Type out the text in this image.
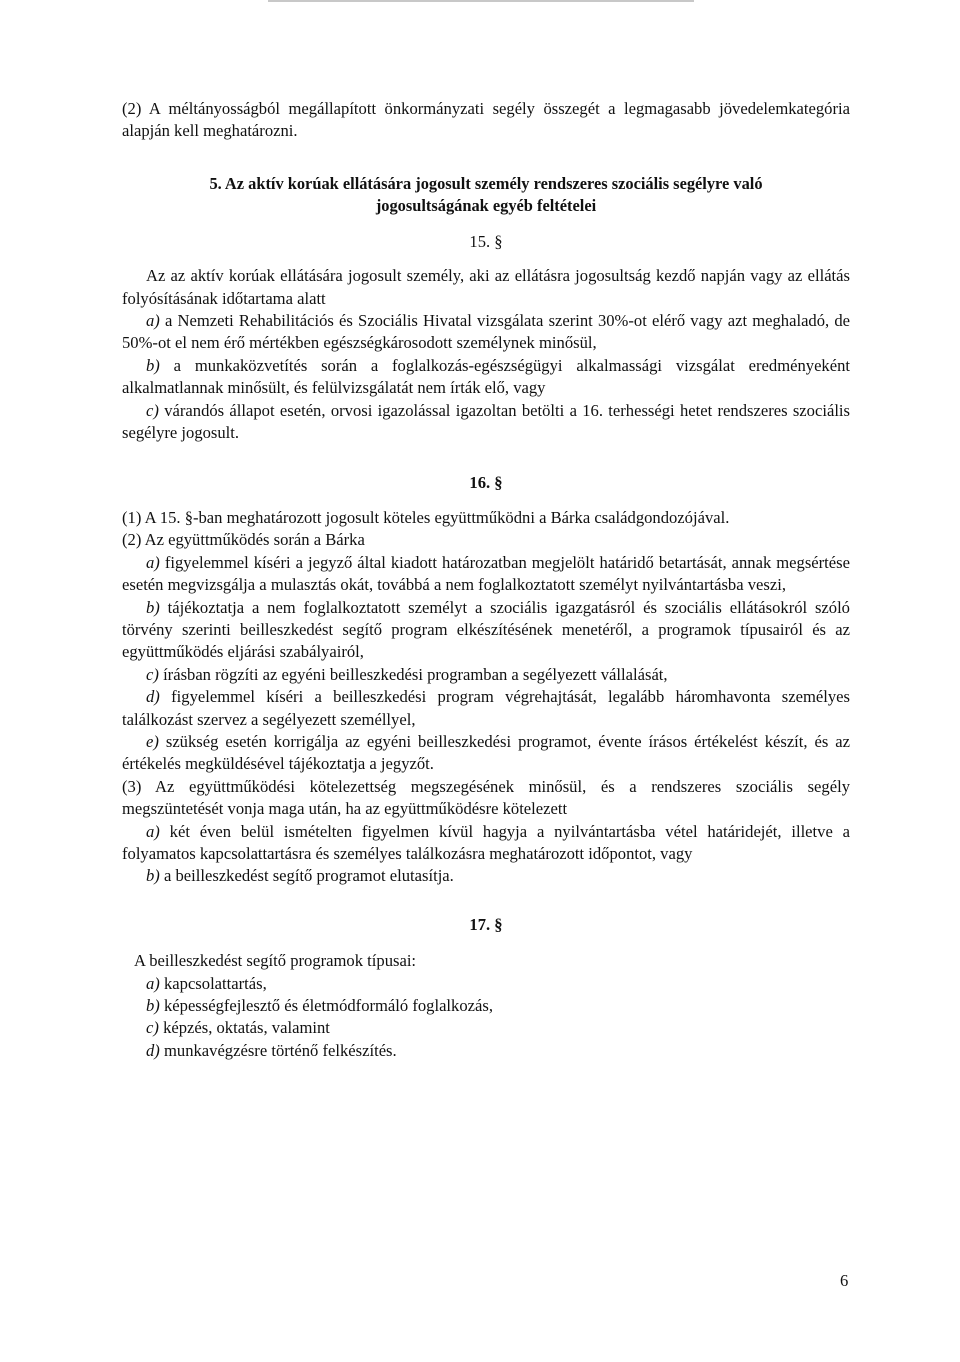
(2) A méltányosságból megállapított önkormányzati segély összegét a legmagasabb jövedelemkategória alapján kell meghatározni.

5. Az aktív korúak ellátására jogosult személy rendszeres szociális segélyre való
jogosultságának egyéb feltételei
15. §

Az az aktív korúak ellátására jogosult személy, aki az ellátásra jogosultság kezdő napján vagy az ellátás folyósításának időtartama alatt

a) a Nemzeti Rehabilitációs és Szociális Hivatal vizsgálata szerint 30%-ot elérő vagy azt meghaladó, de 50%-ot el nem érő mértékben egészségkárosodott személynek minősül,

b) a munkaközvetítés során a foglalkozás-egészségügyi alkalmassági vizsgálat eredményeként alkalmatlannak minősült, és felülvizsgálatát nem írták elő, vagy

c) várandós állapot esetén, orvosi igazolással igazoltan betölti a 16. terhességi hetet rendszeres szociális segélyre jogosult.

16. §

(1) A 15. §-ban meghatározott jogosult köteles együttműködni a Bárka családgondozójával.

(2) Az együttműködés során a Bárka

a) figyelemmel kíséri a jegyző által kiadott határozatban megjelölt határidő betartását, annak megsértése esetén megvizsgálja a mulasztás okát, továbbá a nem foglalkoztatott személyt nyilvántartásba veszi,

b) tájékoztatja a nem foglalkoztatott személyt a szociális igazgatásról és szociális ellátásokról szóló törvény szerinti beilleszkedést segítő program elkészítésének menetéről, a programok típusairól és az együttműködés eljárási szabályairól,

c) írásban rögzíti az egyéni beilleszkedési programban a segélyezett vállalását,

d) figyelemmel kíséri a beilleszkedési program végrehajtását, legalább háromhavonta személyes találkozást szervez a segélyezett személlyel,

e) szükség esetén korrigálja az egyéni beilleszkedési programot, évente írásos értékelést készít, és az értékelés megküldésével tájékoztatja a jegyzőt.

(3) Az együttműködési kötelezettség megszegésének minősül, és a rendszeres szociális segély megszüntetését vonja maga után, ha az együttműködésre kötelezett

a) két éven belül ismételten figyelmen kívül hagyja a nyilvántartásba vétel határidejét, illetve a folyamatos kapcsolattartásra és személyes találkozásra meghatározott időpontot, vagy

b) a beilleszkedést segítő programot elutasítja.

17. §

A beilleszkedést segítő programok típusai:

a) kapcsolattartás,

b) képességfejlesztő és életmódformáló foglalkozás,

c) képzés, oktatás, valamint

d) munkavégzésre történő felkészítés.

6
